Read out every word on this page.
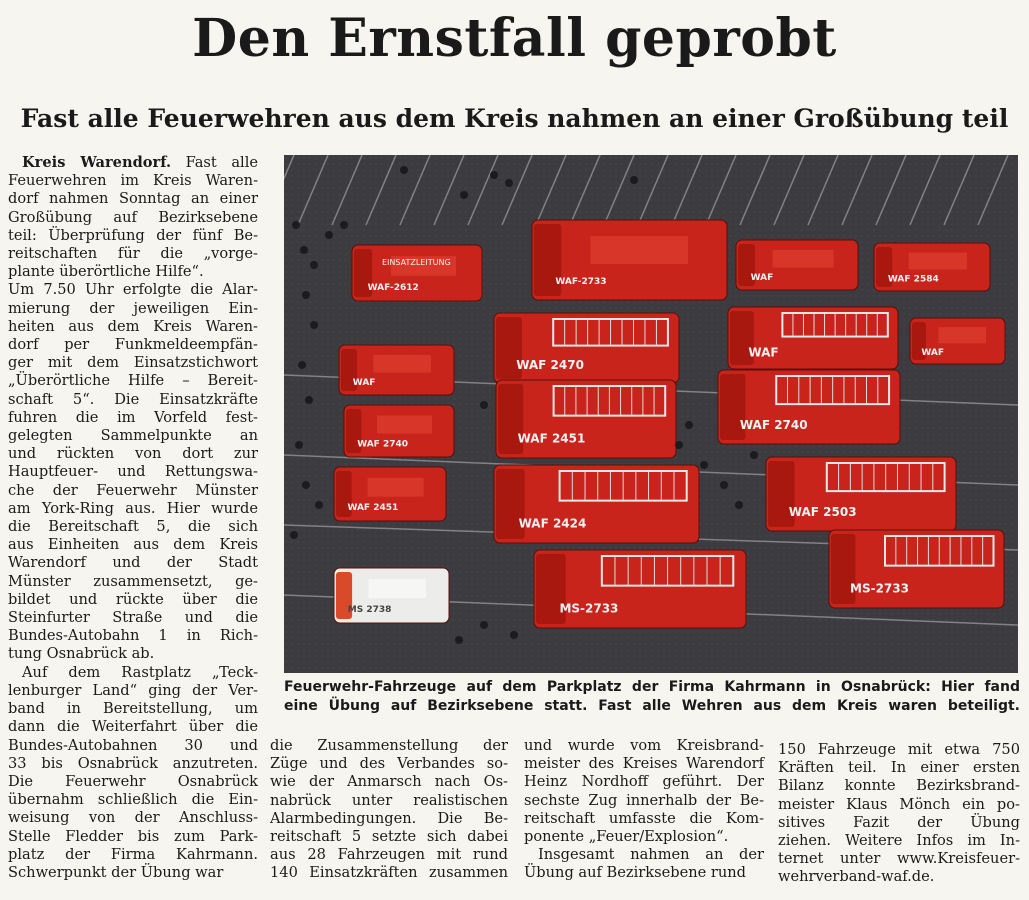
Den Ernstfall geprobt
Fast alle Feuerwehren aus dem Kreis nahmen an einer Großübung teil
Kreis Warendorf. Fast alle
Feuerwehren im Kreis Waren-
dorf nahmen Sonntag an einer
Großübung auf Bezirksebene
teil: Überprüfung der fünf Be-
reitschaften für die „vorge-
plante überörtliche Hilfe“.
Um 7.50 Uhr erfolgte die Alar-
mierung der jeweiligen Ein-
heiten aus dem Kreis Waren-
dorf per Funkmeldeempfän-
ger mit dem Einsatzstichwort
„Überörtliche Hilfe – Bereit-
schaft 5“. Die Einsatzkräfte
fuhren die im Vorfeld fest-
gelegten Sammelpunkte an
und rückten von dort zur
Hauptfeuer- und Rettungswa-
che der Feuerwehr Münster
am York-Ring aus. Hier wurde
die Bereitschaft 5, die sich
aus Einheiten aus dem Kreis
Warendorf und der Stadt
Münster zusammensetzt, ge-
bildet und rückte über die
Steinfurter Straße und die
Bundes-Autobahn 1 in Rich-
tung Osnabrück ab.
Auf dem Rastplatz „Teck-
lenburger Land“ ging der Ver-
band in Bereitstellung, um
dann die Weiterfahrt über die
Bundes-Autobahnen 30 und
33 bis Osnabrück anzutreten.
Die Feuerwehr Osnabrück
übernahm schließlich die Ein-
weisung von der Anschluss-
Stelle Fledder bis zum Park-
platz der Firma Kahrmann.
Schwerpunkt der Übung war
WAF-2612
EINSATZLEITUNG
WAF-2733	WAF	WAF 2584
WAF 2470
WAF	WAF
WAF
WAF 2451
WAF 2740
WAF 2740
WAF 2424
WAF 2503
WAF 2451
MS-2733
MS-2733
MS 2738
Feuerwehr-Fahrzeuge auf dem Parkplatz der Firma Kahrmann in Osnabrück: Hier fand
eine Übung auf Bezirksebene statt. Fast alle Wehren aus dem Kreis waren beteiligt.
die Zusammenstellung der
Züge und des Verbandes so-
wie der Anmarsch nach Os-
nabrück unter realistischen
Alarmbedingungen. Die Be-
reitschaft 5 setzte sich dabei
aus 28 Fahrzeugen mit rund
140 Einsatzkräften zusammen
und wurde vom Kreisbrand-
meister des Kreises Warendorf
Heinz Nordhoff geführt. Der
sechste Zug innerhalb der Be-
reitschaft umfasste die Kom-
ponente „Feuer/Explosion“.
Insgesamt nahmen an der
Übung auf Bezirksebene rund
150 Fahrzeuge mit etwa 750
Kräften teil. In einer ersten
Bilanz konnte Bezirksbrand-
meister Klaus Mönch ein po-
sitives Fazit der Übung
ziehen. Weitere Infos im In-
ternet unter www.Kreisfeuer-
wehrverband-waf.de.
